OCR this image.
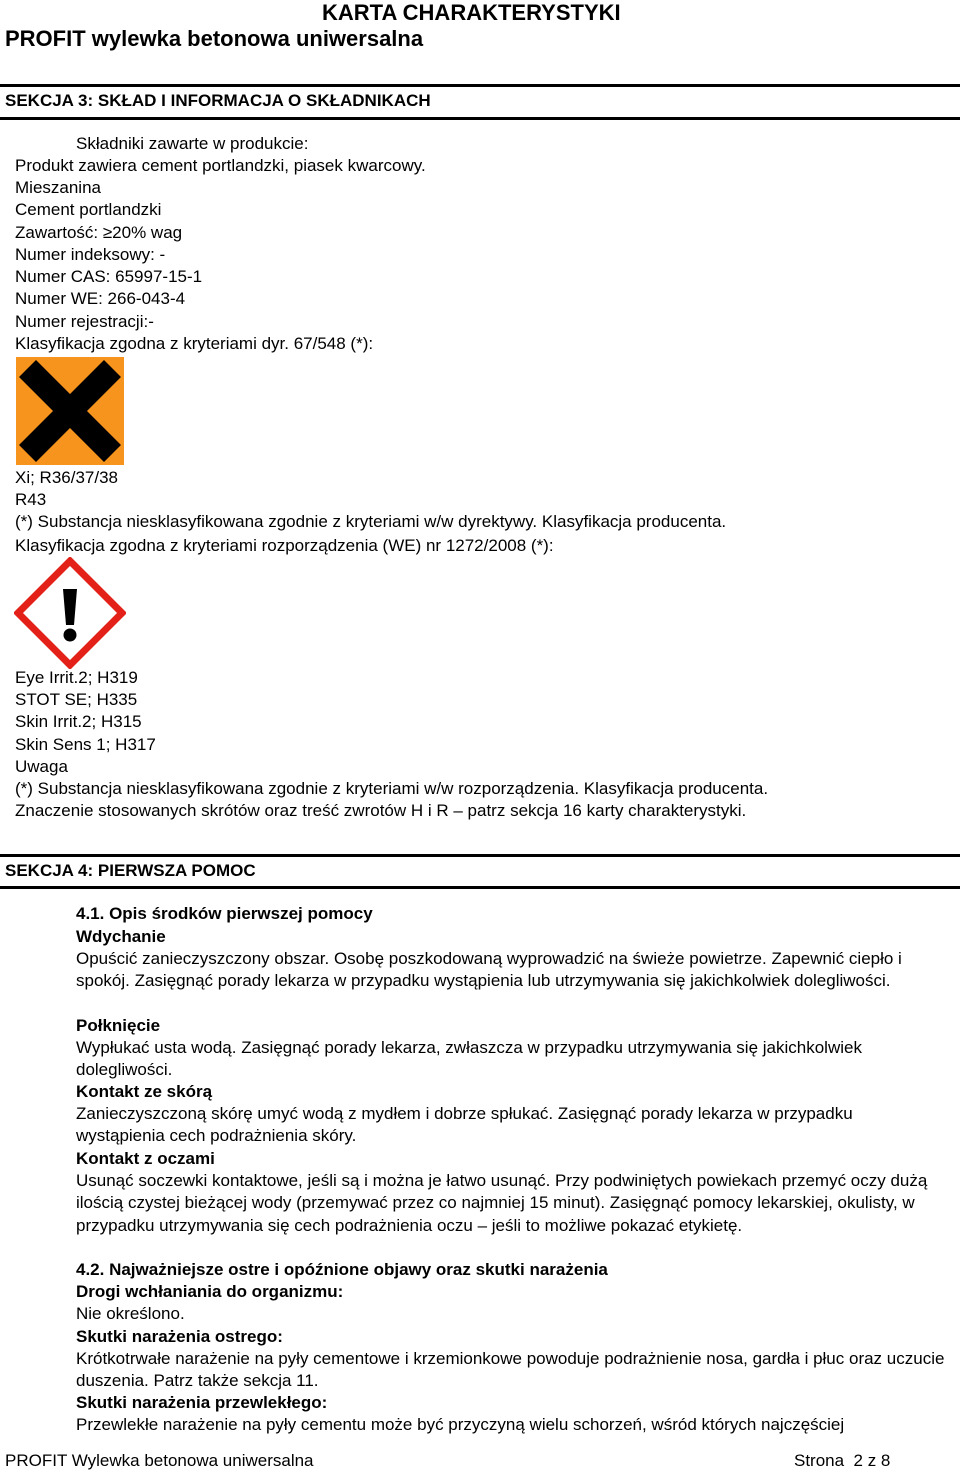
KARTA CHARAKTERYSTYKI
PROFIT wylewka betonowa uniwersalna
SEKCJA 3: SKŁAD I INFORMACJA O SKŁADNIKACH
Składniki zawarte w produkcie:
Produkt zawiera cement portlandzki, piasek kwarcowy.
Mieszanina
Cement portlandzki
Zawartość: ≥20% wag
Numer indeksowy: -
Numer CAS: 65997-15-1
Numer WE: 266-043-4
Numer rejestracji:-
Klasyfikacja zgodna z kryteriami dyr. 67/548 (*):
Xi; R36/37/38
R43
(*) Substancja niesklasyfikowana zgodnie z kryteriami w/w dyrektywy. Klasyfikacja producenta.
Klasyfikacja zgodna z kryteriami rozporządzenia (WE) nr 1272/2008 (*):
Eye Irrit.2; H319
STOT SE; H335
Skin Irrit.2; H315
Skin Sens 1; H317
Uwaga
(*) Substancja niesklasyfikowana zgodnie z kryteriami w/w rozporządzenia. Klasyfikacja producenta.
Znaczenie stosowanych skrótów oraz treść zwrotów H i R – patrz sekcja 16 karty charakterystyki.
SEKCJA 4: PIERWSZA POMOC
4.1. Opis środków pierwszej pomocy
Wdychanie
Opuścić zanieczyszczony obszar. Osobę poszkodowaną wyprowadzić na świeże powietrze. Zapewnić ciepło i spokój. Zasięgnąć porady lekarza w przypadku wystąpienia lub utrzymywania się jakichkolwiek dolegliwości.
Połknięcie
Wypłukać usta wodą. Zasięgnąć porady lekarza, zwłaszcza w przypadku utrzymywania się jakichkolwiek dolegliwości.
Kontakt ze skórą
Zanieczyszczoną skórę umyć wodą z mydłem i dobrze spłukać. Zasięgnąć porady lekarza w przypadku wystąpienia cech podrażnienia skóry.
Kontakt z oczami
Usunąć soczewki kontaktowe, jeśli są i można je łatwo usunąć. Przy podwiniętych powiekach przemyć oczy dużą ilością czystej bieżącej wody (przemywać przez co najmniej 15 minut). Zasięgnąć pomocy lekarskiej, okulisty, w przypadku utrzymywania się cech podrażnienia oczu – jeśli to możliwe pokazać etykietę.
4.2. Najważniejsze ostre i opóźnione objawy oraz skutki narażenia
Drogi wchłaniania do organizmu:
Nie określono.
Skutki narażenia ostrego:
Krótkotrwałe narażenie na pyły cementowe i krzemionkowe powoduje podrażnienie nosa, gardła i płuc oraz uczucie duszenia. Patrz także sekcja 11.
Skutki narażenia przewlekłego:
Przewlekłe narażenie na pyły cementu może być przyczyną wielu schorzeń, wśród których najczęściej
PROFIT Wylewka betonowa uniwersalna	Strona  2 z 8
